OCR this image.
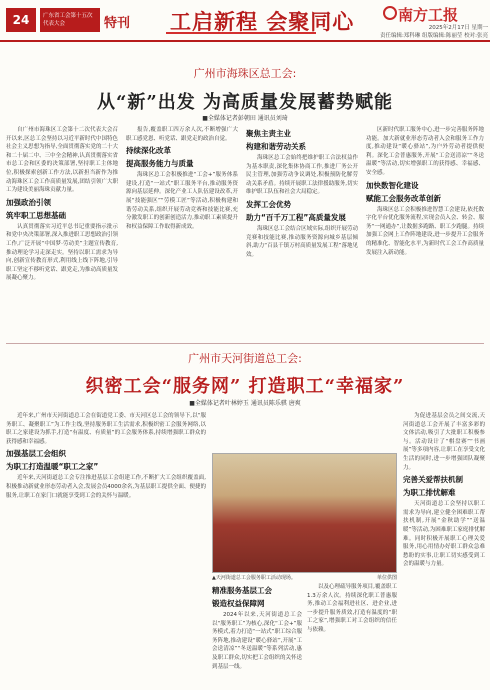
24	广东省工会第十五次代表大会	特刊 工启新程 会聚同心	南方工报
2025年2月17日 星期一
责任编辑:郑科琳 组版编辑:陈丽莹 校对:张亮
广州市海珠区总工会:
从“新”出发 为高质量发展蓄势赋能
■全媒体记者彭朝田 通讯员刘琦

自广州市海珠区工会第十二次代表大会召开以来,区总工会坚持以习近平新时代中国特色社会主义思想为指导,全面贯彻落实党的二十大和二十届二中、三中全会精神,认真贯彻落实省市总工会和区委的决策部署,坚持职工主体地位,积极探索创新工作方法,以新担当新作为推动海珠区工会工作高质量发展,团结引领广大职工为建设美丽海珠贡献力量。

加强政治引领
筑牢职工思想基础

认真贯彻落实习近平总书记重要指示批示和党中央决策部署,深入推进职工思想政治引领工作,广泛开展“中国梦·劳动美”主题宣传教育,推动理论学习走深走实。坚持以职工需求为导向,创新宣传教育形式,利用线上线下阵地,引导职工坚定不移听党话、跟党走,为推动高质量发展凝心聚力。

报告,覆盖职工四万余人次,不断增强广大职工感党恩、听党话、跟党走的政治自觉。

持续深化改革
提高服务能力与质量

海珠区总工会积极推进“工会+”服务体系建设,打造“一站式”职工服务平台,推动服务资源向基层延伸。深化产业工人队伍建设改革,开展“技能强区”“劳模工匠”等活动,积极构建和谐劳动关系,组织开展劳动竞赛和技能比赛,充分激发职工的创新创造活力,推动职工素质提升和权益保障工作取得新成效。

聚焦主责主业
构建和谐劳动关系

海珠区总工会始终把维护职工合法权益作为基本职责,深化集体协商工作,推进厂务公开民主管理,加强劳动争议调处,积极预防化解劳动关系矛盾。持续开展职工法律援助服务,切实维护职工队伍和社会大局稳定。

发挥工会优势
助力“百千万工程”高质量发展

海珠区总工会结合区域实际,组织开展劳动竞赛和技能比赛,推动服务资源向城乡基层倾斜,助力“百县千镇万村高质量发展工程”落地见效。

区新时代职工服务中心,进一步完善服务阵地功能。加大新就业形态劳动者入会和服务工作力度,推动建设“暖心驿站”,为户外劳动者提供便利。深化工会普惠服务,开展“工会送清凉”“冬送温暖”等活动,切实增强职工的获得感、幸福感、安全感。

加快数智化建设
赋能工会服务改革创新

海珠区总工会积极推进智慧工会建设,依托数字化平台优化服务流程,实现会员入会、转会、服务“一网通办”,让数据多跑路、职工少跑腿。持续加强工会网上工作阵地建设,进一步提升工会服务的精准化、智能化水平,为新时代工会工作高质量发展注入新动能。

广州市天河街道总工会:
织密工会“服务网” 打造职工“幸福家”
■全媒体记者叶林婷玉 通讯员陈乐骐 唐爽

近年来,广州市天河街道总工会在街道党工委、市天河区总工会的领导下,以“服务职工、凝聚职工”为工作主线,坚持服务职工生活需求,积极织密工会服务网络,以职工之家建设为抓手,打造“有温度、有质量”的工会服务体系,持续增强职工群众的获得感和幸福感。

加强基层工会组织
为职工打造温暖“职工之家”

近年来,天河街道总工会专注推进基层工会组建工作,不断扩大工会组织覆盖面,积极推动新就业形态劳动者入会,发展会员4000余名,为基层职工提供全面、便捷的服务,让职工在家门口就能享受到工会的关怀与温暖。

▲天河街道总工会服务职工活动现场。	单位供图
精准服务基层工会
锻造权益保障网

2024年以来,天河街道总工会以“服务职工”为核心,深化“工会+”服务模式,着力打造“一站式”职工综合服务阵地,推动建设“暖心驿站”,开展“工会送清凉”“冬送温暖”等系列活动,惠及职工群众,切实把工会组织的关怀送到基层一线。

以及心理疏导服务项目,覆盖职工1.3万余人次。持续深化职工普惠服务,推动工会福利进社区、进企业,进一步提升服务质效,打造有温度的“职工之家”,增强职工对工会组织的信任与依赖。

为促进基层会员之间交流,天河街道总工会开展了丰富多彩的文体活动,吸引了大批职工积极参与。活动设计了“棋盘赛”“书画展”等多项内容,让职工在享受文化生活的同时,进一步增强团队凝聚力。

完善关爱帮扶机制
为职工排忧解难

天河街道总工会坚持以职工需求为导向,建立健全困难职工帮扶机制,开展“金秋助学”“送温暖”等活动,为困难职工家庭排忧解难。同时积极开展职工心理关爱服务,用心用情办好职工群众急难愁盼的实事,让职工切实感受到工会的温暖与力量。
